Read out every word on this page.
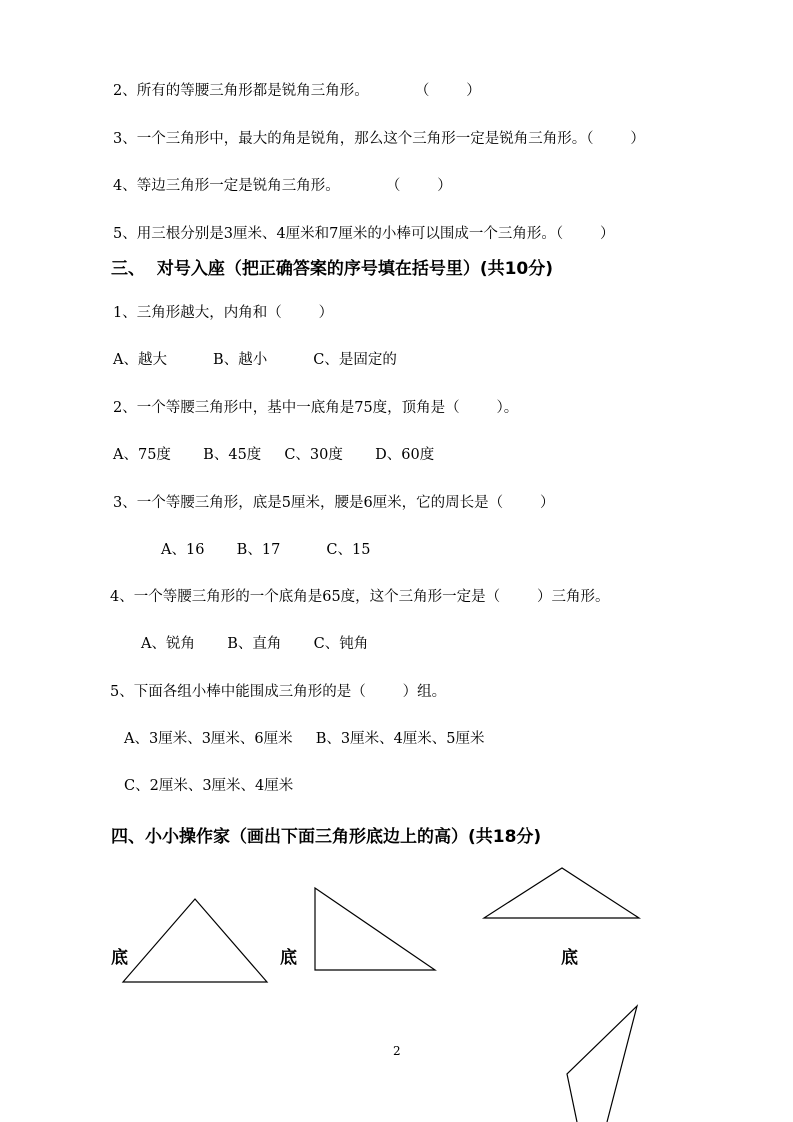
2、所有的等腰三角形都是锐角三角形。          （        ）
3、一个三角形中，最大的角是锐角，那么这个三角形一定是锐角三角形。（        ）
4、等边三角形一定是锐角三角形。          （        ）
5、用三根分别是3厘米、4厘米和7厘米的小棒可以围成一个三角形。（        ）
三、  对号入座（把正确答案的序号填在括号里）(共10分)
1、三角形越大，内角和（        ）
A、越大          B、越小          C、是固定的
2、一个等腰三角形中，基中一底角是75度，顶角是（        ）。
A、75度       B、45度     C、30度       D、60度
3、一个等腰三角形，底是5厘米，腰是6厘米，它的周长是（        ）
A、16       B、17          C、15
4、一个等腰三角形的一个底角是65度，这个三角形一定是（        ）三角形。
A、锐角       B、直角       C、钝角
5、下面各组小棒中能围成三角形的是（        ）组。
A、3厘米、3厘米、6厘米     B、3厘米、4厘米、5厘米
C、2厘米、3厘米、4厘米
四、小小操作家（画出下面三角形底边上的高）(共18分)
底	底	底
2
